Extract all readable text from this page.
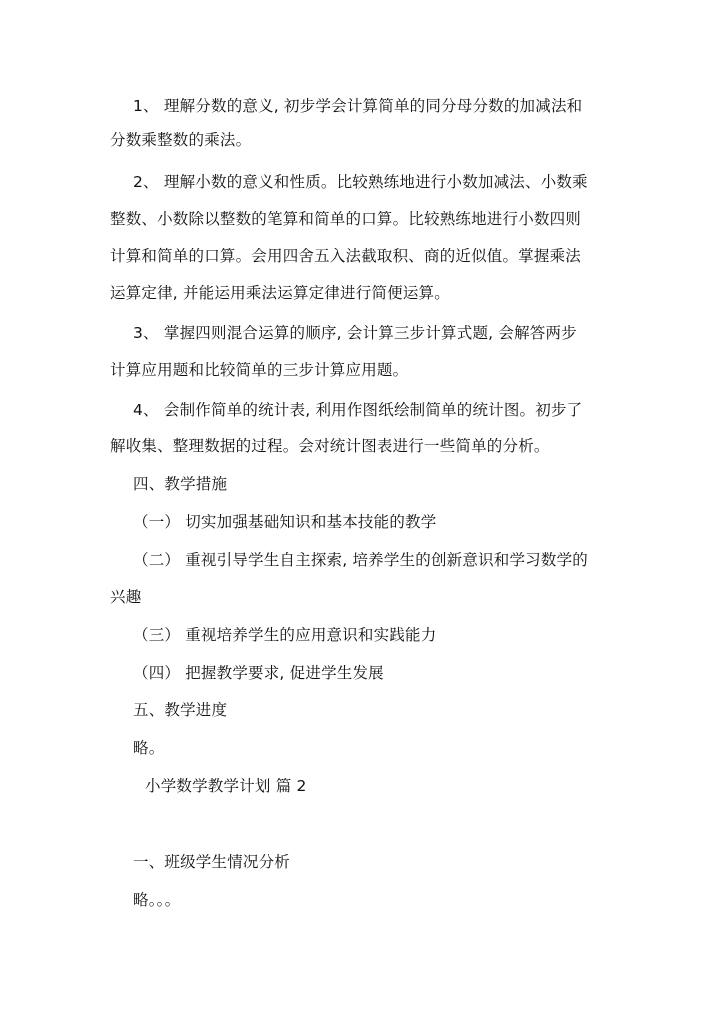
1、 理解分数的意义, 初步学会计算简单的同分母分数的加减法和
分数乘整数的乘法。
2、 理解小数的意义和性质。比较熟练地进行小数加减法、小数乘
整数、小数除以整数的笔算和简单的口算。比较熟练地进行小数四则
计算和简单的口算。会用四舍五入法截取积、商的近似值。掌握乘法
运算定律, 并能运用乘法运算定律进行简便运算。
3、 掌握四则混合运算的顺序, 会计算三步计算式题, 会解答两步
计算应用题和比较简单的三步计算应用题。
4、 会制作简单的统计表, 利用作图纸绘制简单的统计图。初步了
解收集、整理数据的过程。会对统计图表进行一些简单的分析。
四、教学措施
（一） 切实加强基础知识和基本技能的教学
（二） 重视引导学生自主探索, 培养学生的创新意识和学习数学的
兴趣
（三） 重视培养学生的应用意识和实践能力
（四） 把握教学要求, 促进学生发展
五、教学进度
略。
小学数学教学计划 篇 2
一、班级学生情况分析
略。。。
